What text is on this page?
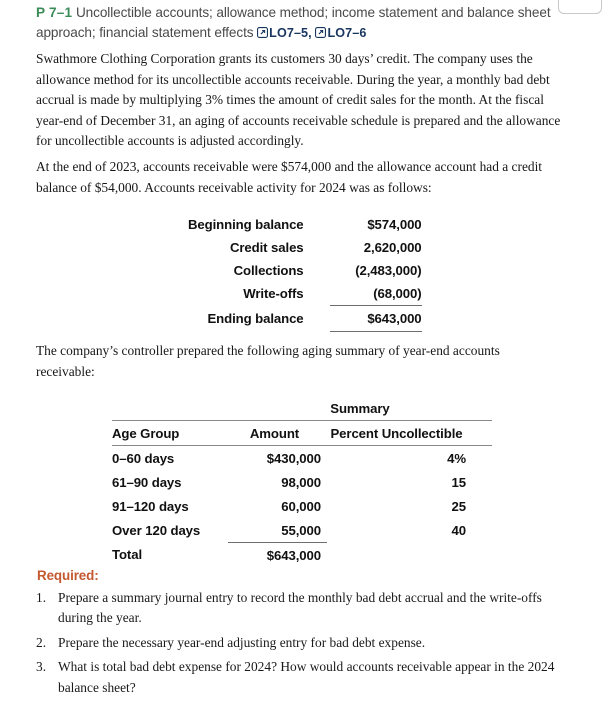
P 7–1 Uncollectible accounts; allowance method; income statement and balance sheet approach; financial statement effects LO7–5, LO7–6
Swathmore Clothing Corporation grants its customers 30 days’ credit. The company uses the allowance method for its uncollectible accounts receivable. During the year, a monthly bad debt accrual is made by multiplying 3% times the amount of credit sales for the month. At the fiscal year-end of December 31, an aging of accounts receivable schedule is prepared and the allowance for uncollectible accounts is adjusted accordingly.
At the end of 2023, accounts receivable were $574,000 and the allowance account had a credit balance of $54,000. Accounts receivable activity for 2024 was as follows:
The company’s controller prepared the following aging summary of year-end accounts receivable:
Beginning balance	$574,000
Credit sales	2,620,000
Collections	(2,483,000)
Write-offs	(68,000)
Ending balance	$643,000
	Summary	
Age Group	Amount	Percent Uncollectible
0–60 days	$430,000	4%
61–90 days	98,000	15
91–120 days	60,000	25
Over 120 days	55,000	40
Total	$643,000	
Required:
1. Prepare a summary journal entry to record the monthly bad debt accrual and the write-offs during the year.
2. Prepare the necessary year-end adjusting entry for bad debt expense.
3. What is total bad debt expense for 2024? How would accounts receivable appear in the 2024 balance sheet?
